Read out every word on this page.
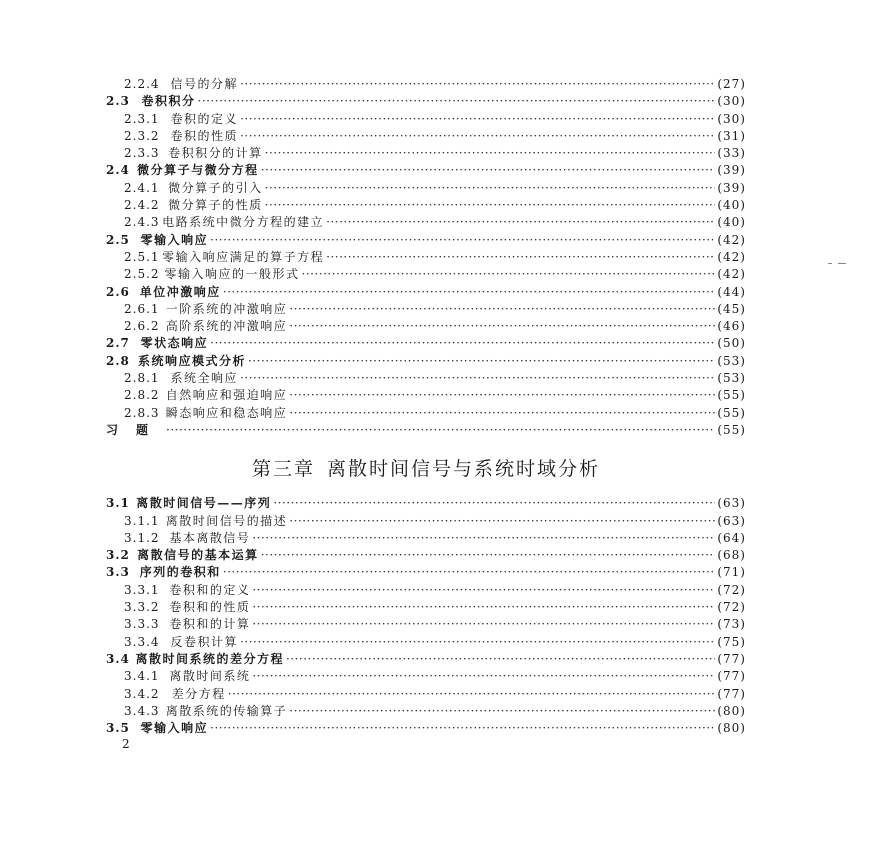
2.2.4 信号的分解 ·····	(27)
2.3 卷积积分 ·····	(30)
2.3.1 卷积的定义 ·····	(30)
2.3.2 卷积的性质 ·····	(31)
2.3.3 卷积积分的计算 ·····	(33)
2.4 微分算子与微分方程 ·····	(39)
2.4.1 微分算子的引入 ·····	(39)
2.4.2 微分算子的性质 ·····	(40)
2.4.3 电路系统中微分方程的建立 ·····	(40)
2.5 零输入响应 ·····	(42)
2.5.1 零输入响应满足的算子方程 ·····	(42)
2.5.2 零输入响应的一般形式 ·····	(42)
2.6 单位冲激响应 ·····	(44)
2.6.1 一阶系统的冲激响应 ·····	(45)
2.6.2 高阶系统的冲激响应 ·····	(46)
2.7 零状态响应 ·····	(50)
2.8 系统响应模式分析 ·····	(53)
2.8.1 系统全响应 ·····	(53)
2.8.2 自然响应和强迫响应 ·····	(55)
2.8.3 瞬态响应和稳态响应 ·····	(55)
习题 ·····	(55)
第三章 离散时间信号与系统时域分析
3.1 离散时间信号——序列 ·····	(63)
3.1.1 离散时间信号的描述 ·····	(63)
3.1.2 基本离散信号 ·····	(64)
3.2 离散信号的基本运算 ·····	(68)
3.3 序列的卷积和 ·····	(71)
3.3.1 卷积和的定义 ·····	(72)
3.3.2 卷积和的性质 ·····	(72)
3.3.3 卷积和的计算 ·····	(73)
3.3.4 反卷积计算 ·····	(75)
3.4 离散时间系统的差分方程 ·····	(77)
3.4.1 离散时间系统 ·····	(77)
3.4.2	差分方程 ·····	(77)
3.4.3 离散系统的传输算子 ·····	(80)
3.5 零输入响应 ·····	(80)
2
